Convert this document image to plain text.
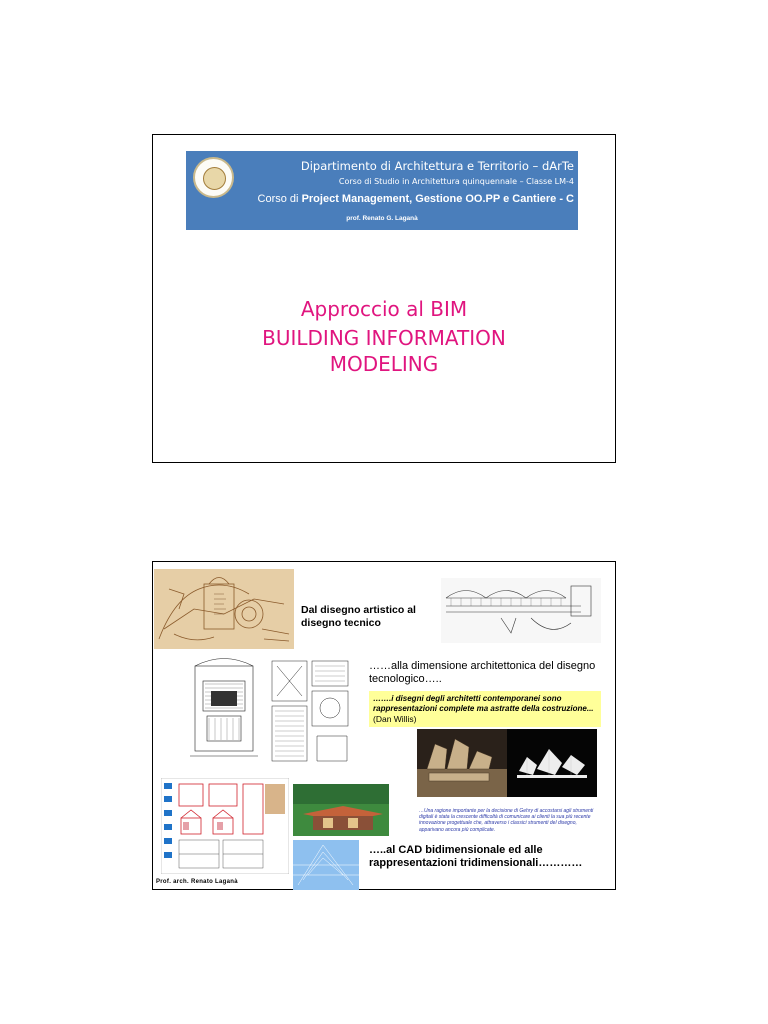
Dipartimento di Architettura e Territorio – dArTe
Corso di Studio in Architettura quinquennale – Classe LM-4
Corso di Project Management, Gestione OO.PP e Cantiere - C
prof. Renato G. Laganà
Approccio al BIM
BUILDING INFORMATION
MODELING
Dal disegno artistico al disegno tecnico
……alla dimensione architettonica del disegno tecnologico…..
…….i disegni degli architetti contemporanei sono rappresentazioni complete ma astratte della costruzione... (Dan Willis)
…Una ragione importante per la decisione di Gehry di accostarsi agli strumenti digitali è stata la crescente difficoltà di comunicare ai clienti la sua più recente innovazione progettuale che, attraverso i classici strumenti del disegno, apparivano ancora più complicate.
…..al CAD bidimensionale ed alle rappresentazioni tridimensionali…………
Prof. arch. Renato Laganà
